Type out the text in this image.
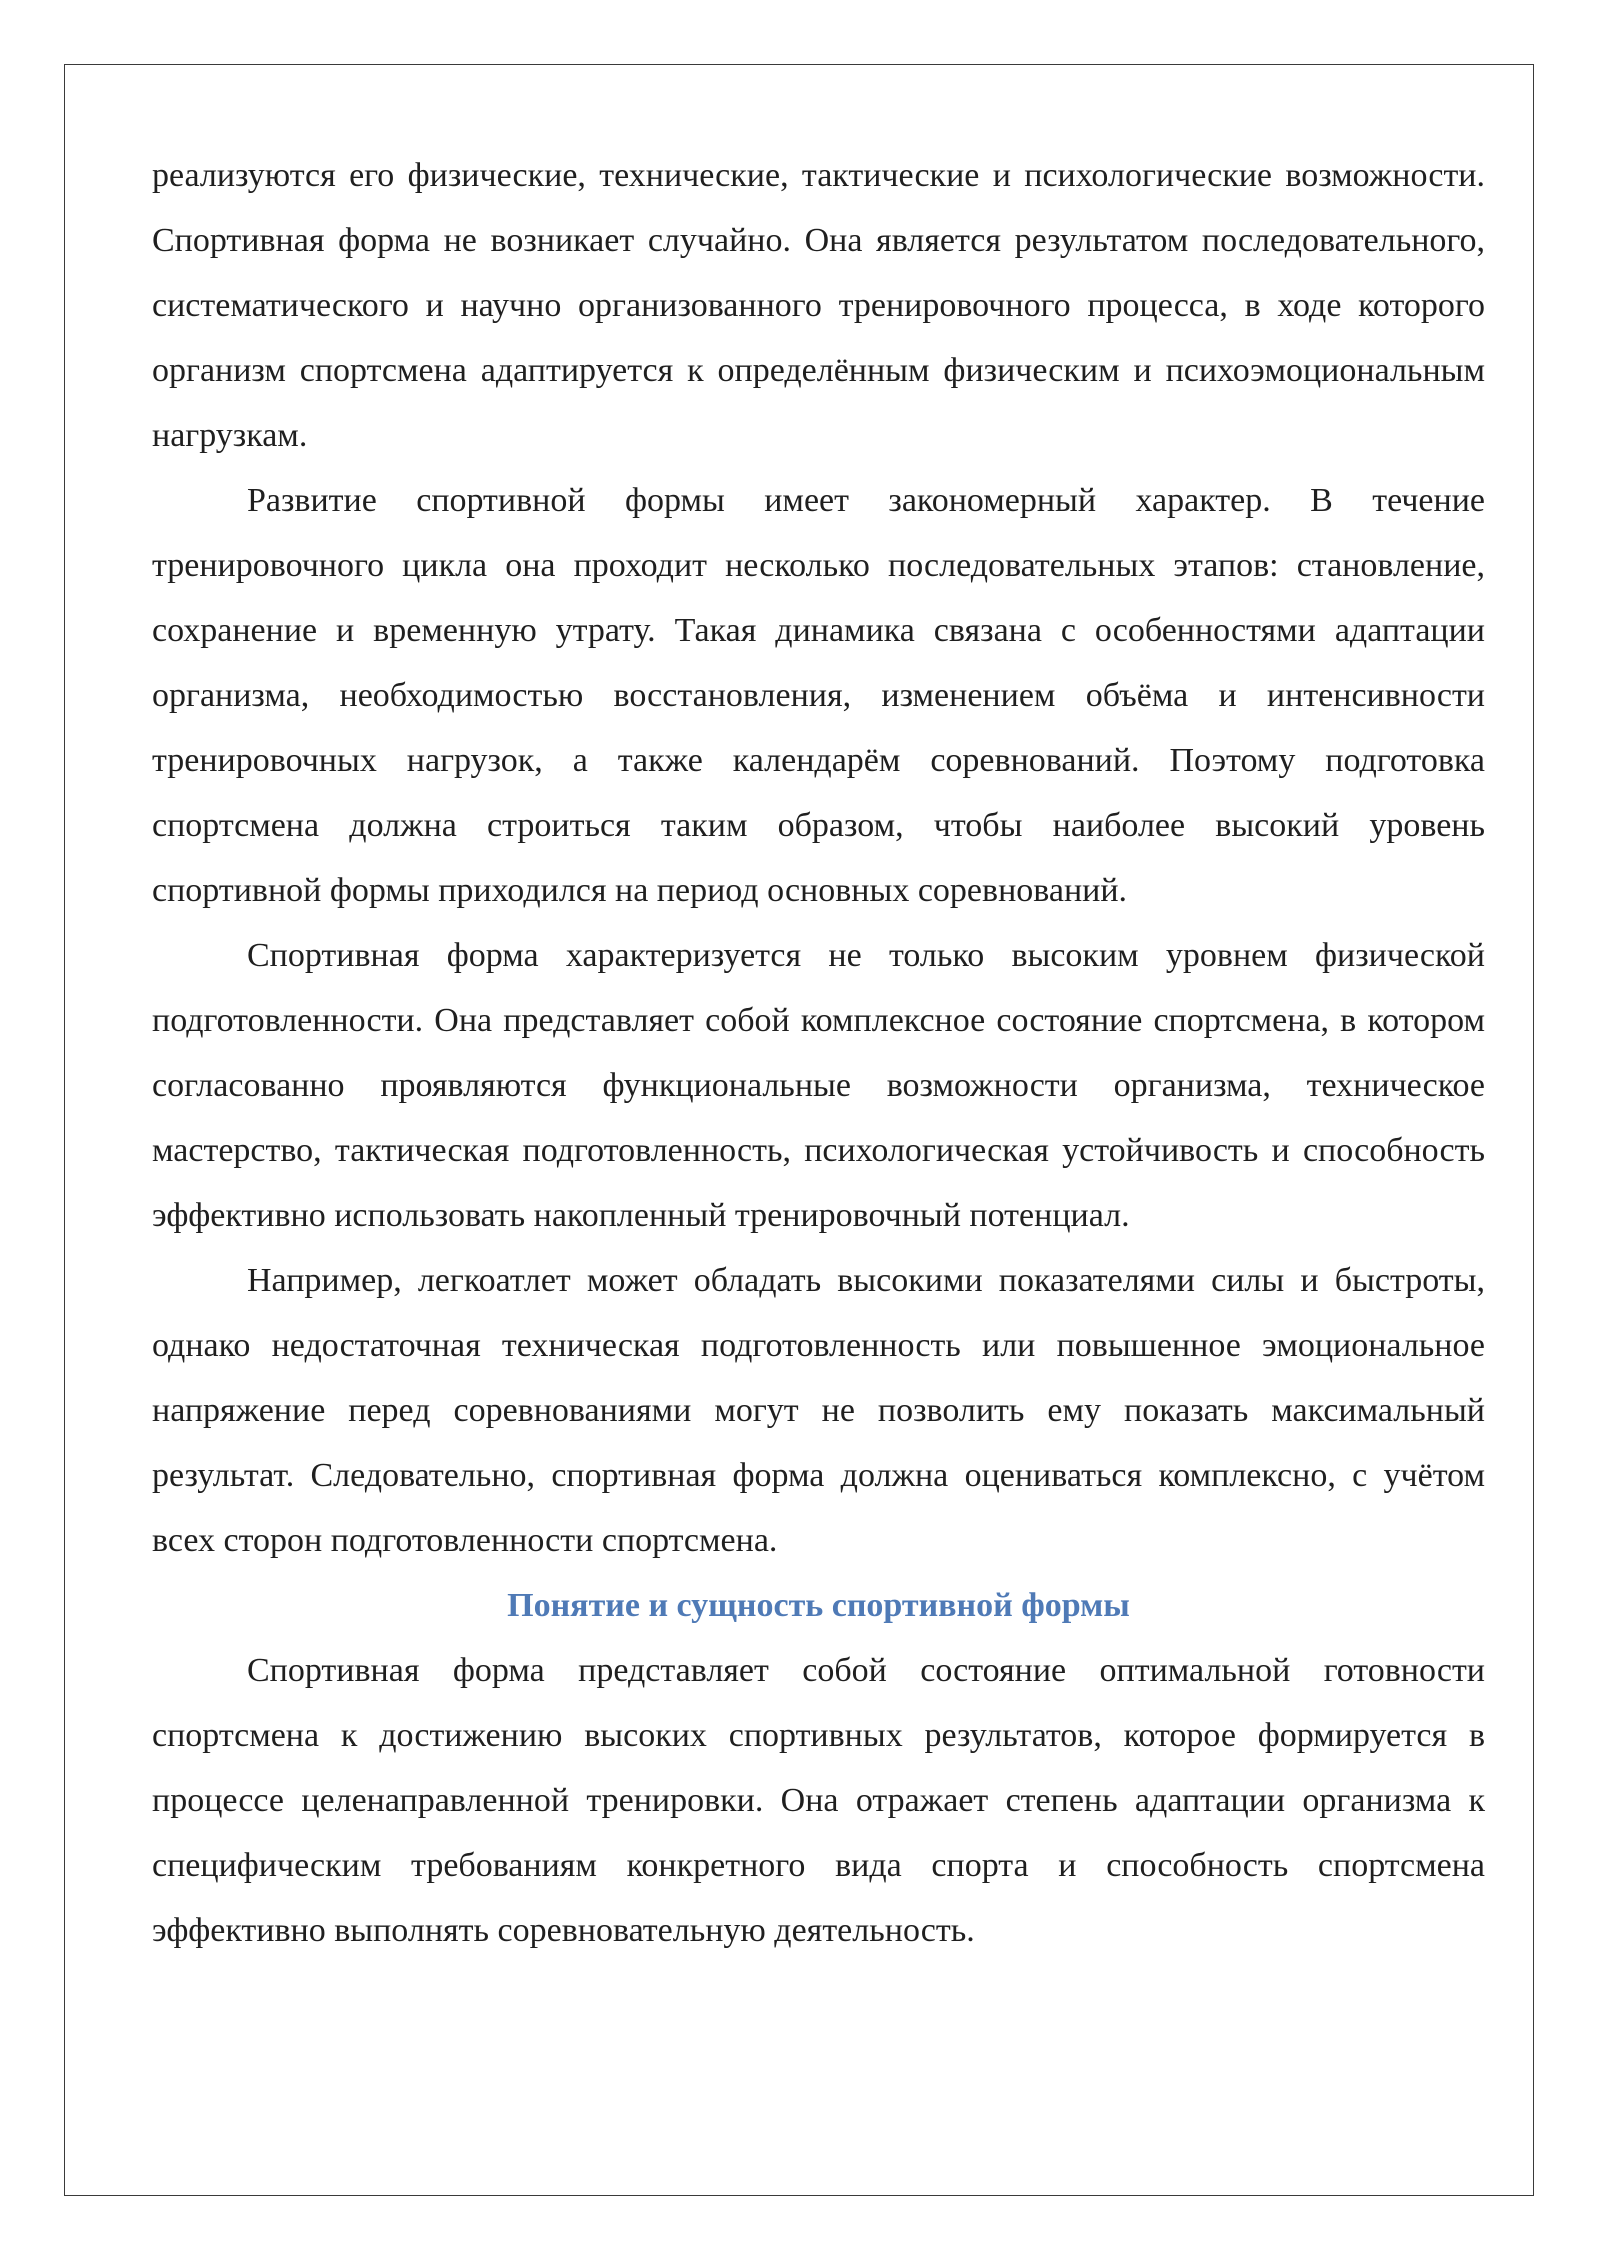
реализуются его физические, технические, тактические и психологические возможности. Спортивная форма не возникает случайно. Она является результатом последовательного, систематического и научно организованного тренировочного процесса, в ходе которого организм спортсмена адаптируется к определённым физическим и психоэмоциональным нагрузкам.

Развитие спортивной формы имеет закономерный характер. В течение тренировочного цикла она проходит несколько последовательных этапов: становление, сохранение и временную утрату. Такая динамика связана с особенностями адаптации организма, необходимостью восстановления, изменением объёма и интенсивности тренировочных нагрузок, а также календарём соревнований. Поэтому подготовка спортсмена должна строиться таким образом, чтобы наиболее высокий уровень спортивной формы приходился на период основных соревнований.

Спортивная форма характеризуется не только высоким уровнем физической подготовленности. Она представляет собой комплексное состояние спортсмена, в котором согласованно проявляются функциональные возможности организма, техническое мастерство, тактическая подготовленность, психологическая устойчивость и способность эффективно использовать накопленный тренировочный потенциал.

Например, легкоатлет может обладать высокими показателями силы и быстроты, однако недостаточная техническая подготовленность или повышенное эмоциональное напряжение перед соревнованиями могут не позволить ему показать максимальный результат. Следовательно, спортивная форма должна оцениваться комплексно, с учётом всех сторон подготовленности спортсмена.

Понятие и сущность спортивной формы

Спортивная форма представляет собой состояние оптимальной готовности спортсмена к достижению высоких спортивных результатов, которое формируется в процессе целенаправленной тренировки. Она отражает степень адаптации организма к специфическим требованиям конкретного вида спорта и способность спортсмена эффективно выполнять соревновательную деятельность.
